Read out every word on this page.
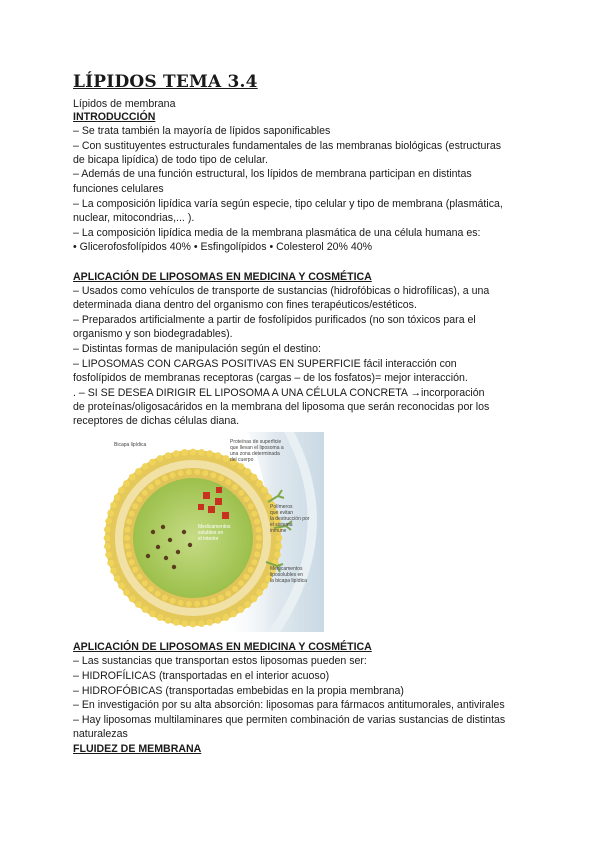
LÍPIDOS TEMA 3.4
Lípidos de membrana
INTRODUCCIÓN
– Se trata también la mayoría de lípidos saponificables
– Con sustituyentes estructurales fundamentales de las membranas biológicas (estructuras
de bicapa lipídica) de todo tipo de celular.
– Además de una función estructural, los lípidos de membrana participan en distintas
funciones celulares
– La composición lipídica varía según especie, tipo celular y tipo de membrana (plasmática,
nuclear, mitocondrias,... ).
– La composición lipídica media de la membrana plasmática de una célula humana es:
• Glicerofosfolípidos 40% • Esfingolípidos • Colesterol 20% 40%
APLICACIÓN DE LIPOSOMAS EN MEDICINA Y COSMÉTICA
– Usados como vehículos de transporte de sustancias (hidrofóbicas o hidrofílicas), a una
determinada diana dentro del organismo con fines terapéuticos/estéticos.
– Preparados artificialmente a partir de fosfolípidos purificados (no son tóxicos para el
organismo y son biodegradables).
– Distintas formas de manipulación según el destino:
– LIPOSOMAS CON CARGAS POSITIVAS EN SUPERFICIE fácil interacción con
fosfolípidos de membranas receptoras (cargas – de los fosfatos)= mejor interacción.
. – SI SE DESEA DIRIGIR EL LIPOSOMA A UNA CÉLULA CONCRETA →incorporación
de proteínas/oligosacáridos en la membrana del liposoma que serán reconocidas por los
receptores de dichas células diana.
Bicapa lipídica	Proteínas de superficie que llevan el liposoma a una zona determinada del cuerpo
Polímeros que evitan la destrucción por el sistema inmune
Medicamentos solubles en el interior
Medicamentos liposolubles en la bicapa lipídica
APLICACIÓN DE LIPOSOMAS EN MEDICINA Y COSMÉTICA
– Las sustancias que transportan estos liposomas pueden ser:
– HIDROFÍLICAS (transportadas en el interior acuoso)
– HIDROFÓBICAS (transportadas embebidas en la propia membrana)
– En investigación por su alta absorción: liposomas para fármacos antitumorales, antivirales
– Hay liposomas multilaminares que permiten combinación de varias sustancias de distintas
naturalezas
FLUIDEZ DE MEMBRANA
